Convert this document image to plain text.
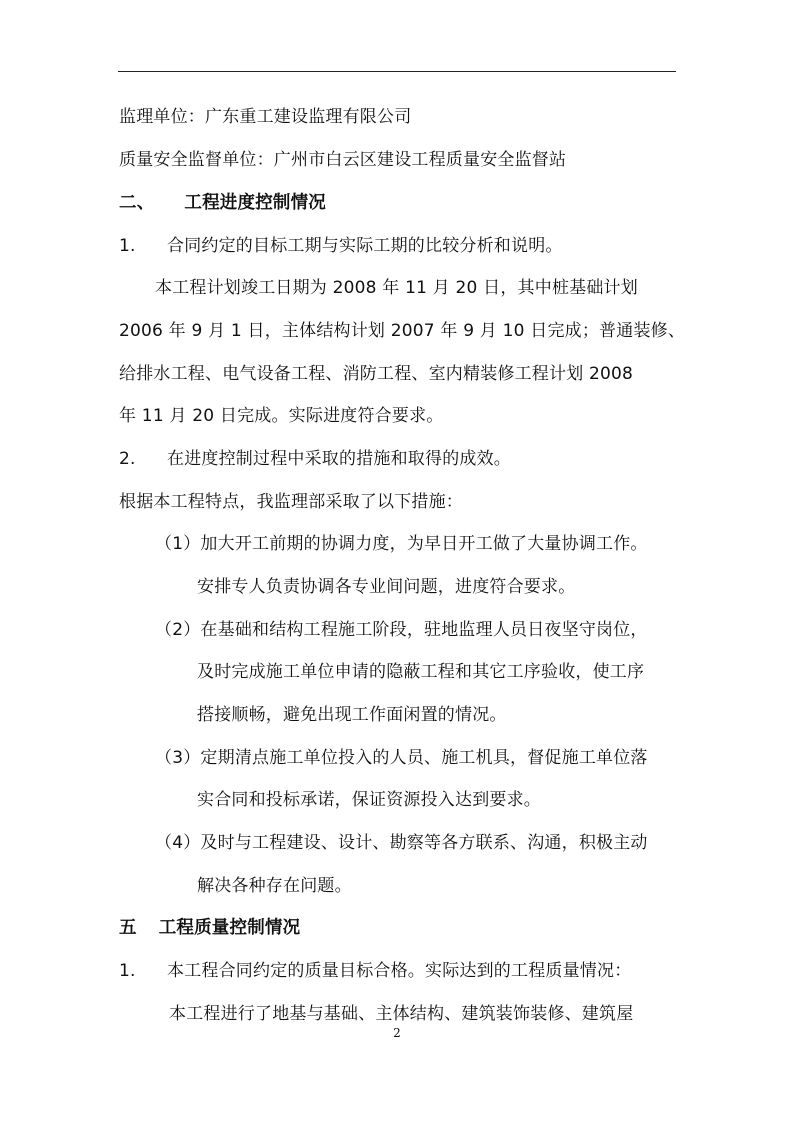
监理单位：广东重工建设监理有限公司
质量安全监督单位：广州市白云区建设工程质量安全监督站
二、 工程进度控制情况
1. 合同约定的目标工期与实际工期的比较分析和说明。
本工程计划竣工日期为 2008 年 11 月 20 日，其中桩基础计划
2006 年 9 月 1 日，主体结构计划 2007 年 9 月 10 日完成；普通装修、
给排水工程、电气设备工程、消防工程、室内精装修工程计划 2008
年 11 月 20 日完成。实际进度符合要求。
2. 在进度控制过程中采取的措施和取得的成效。
根据本工程特点，我监理部采取了以下措施：
（1）加大开工前期的协调力度，为早日开工做了大量协调工作。
安排专人负责协调各专业间问题，进度符合要求。
（2）在基础和结构工程施工阶段，驻地监理人员日夜坚守岗位，
及时完成施工单位申请的隐蔽工程和其它工序验收，使工序
搭接顺畅，避免出现工作面闲置的情况。
（3）定期清点施工单位投入的人员、施工机具，督促施工单位落
实合同和投标承诺，保证资源投入达到要求。
（4）及时与工程建设、设计、勘察等各方联系、沟通，积极主动
解决各种存在问题。
五 工程质量控制情况
1. 本工程合同约定的质量目标合格。实际达到的工程质量情况：
本工程进行了地基与基础、主体结构、建筑装饰装修、建筑屋
2
